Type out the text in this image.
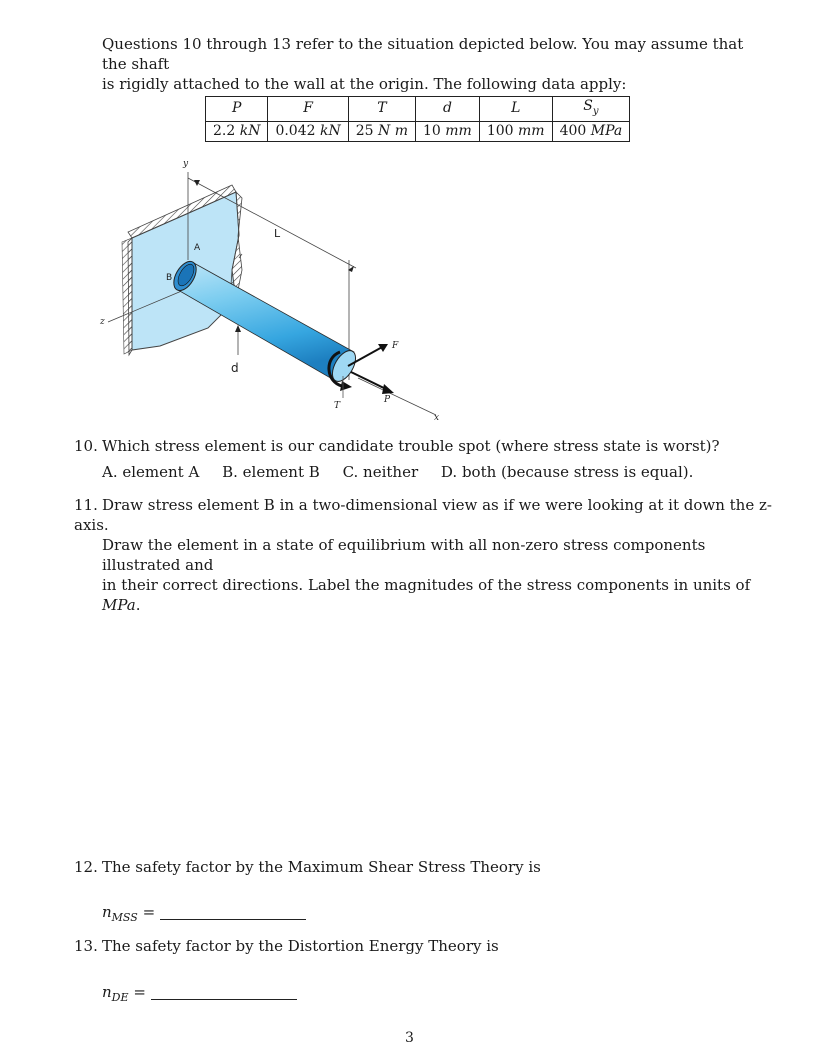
Questions 10 through 13 refer to the situation depicted below. You may assume that the shaft
is rigidly attached to the wall at the origin. The following data apply:
P	F	T	d	L	$S_y$
2.2 kN	0.042 kN	25 N m	10 mm	100 mm	400 MPa
y
z
x
A
B
L
d
T
P
F
10. Which stress element is our candidate trouble spot (where stress state is worst)?
A. element A B. element B C. neither D. both (because stress is equal).
11. Draw stress element B in a two-dimensional view as if we were looking at it down the z-axis.
Draw the element in a state of equilibrium with all non-zero stress components illustrated and
in their correct directions. Label the magnitudes of the stress components in units of MPa.
12. The safety factor by the Maximum Shear Stress Theory is
$n_{MSS}$ =
13. The safety factor by the Distortion Energy Theory is
$n_{DE}$ =
3
